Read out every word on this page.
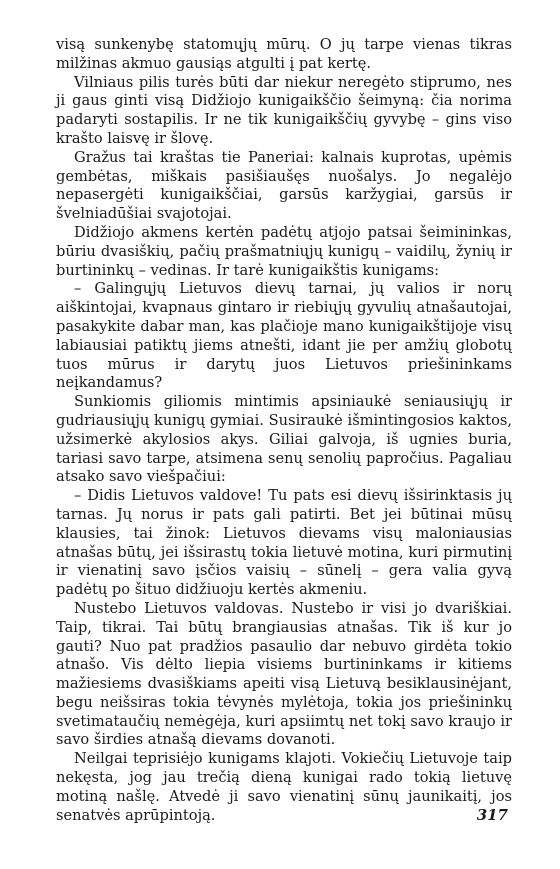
visą sunkenybę statomųjų mūrų. O jų tarpe vienas tikras milžinas akmuo gausiąs atgulti į pat kertę.

Vilniaus pilis turės būti dar niekur neregėto stiprumo, nes ji gaus ginti visą Didžiojo kunigaikščio šeimyną: čia norima padaryti sostapilis. Ir ne tik kunigaikščių gyvybę – gins viso krašto laisvę ir šlovę.

Gražus tai kraštas tie Paneriai: kalnais kuprotas, upėmis gembėtas, miškais pasišiaušęs nuošalys. Jo negalėjo nepasergėti kunigaikščiai, garsūs karžygiai, garsūs ir švelniadūšiai svajotojai.

Didžiojo akmens kertėn padėtų atjojo patsai šeimininkas, būriu dvasiškių, pačių prašmatniųjų kunigų – vaidilų, žynių ir burtininkų – vedinas. Ir tarė kunigaikštis kunigams:

– Galingųjų Lietuvos dievų tarnai, jų valios ir norų aiškintojai, kvapnaus gintaro ir riebiųjų gyvulių atnašautojai, pasakykite dabar man, kas plačioje mano kunigaikštijoje visų labiausiai patiktų jiems atnešti, idant jie per amžių globotų tuos mūrus ir darytų juos Lietuvos priešininkams neįkandamus?

Sunkiomis giliomis mintimis apsiniaukė seniausiųjų ir gudriausiųjų kunigų gymiai. Susiraukė išmintingosios kaktos, užsimerkė akylosios akys. Giliai galvoja, iš ugnies buria, tariasi savo tarpe, atsimena senų senolių papročius. Pagaliau atsako savo viešpačiui:

– Didis Lietuvos valdove! Tu pats esi dievų išsirinktasis jų tarnas. Jų norus ir pats gali patirti. Bet jei būtinai mūsų klausies, tai žinok: Lietuvos dievams visų maloniausias atnašas būtų, jei išsirastų tokia lietuvė motina, kuri pirmutinį ir vienatinį savo įsčios vaisių – sūnelį – gera valia gyvą padėtų po šituo didžiuoju kertės akmeniu.

Nustebo Lietuvos valdovas. Nustebo ir visi jo dvariškiai. Taip, tikrai. Tai būtų brangiausias atnašas. Tik iš kur jo gauti? Nuo pat pradžios pasaulio dar nebuvo girdėta tokio atnašo. Vis dėlto liepia visiems burtininkams ir kitiems mažiesiems dvasiškiams apeiti visą Lietuvą besiklausinėjant, begu neišsiras tokia tėvynės mylėtoja, tokia jos priešininkų svetimataučių nemėgėja, kuri apsiimtų net tokį savo kraujo ir savo širdies atnašą dievams dovanoti.

Neilgai teprisiėjo kunigams klajoti. Vokiečių Lietuvoje taip nekęsta, jog jau trečią dieną kunigai rado tokią lietuvę motiną našlę. Atvedė ji savo vienatinį sūnų jaunikaitį, jos senatvės aprūpintoją.	317
